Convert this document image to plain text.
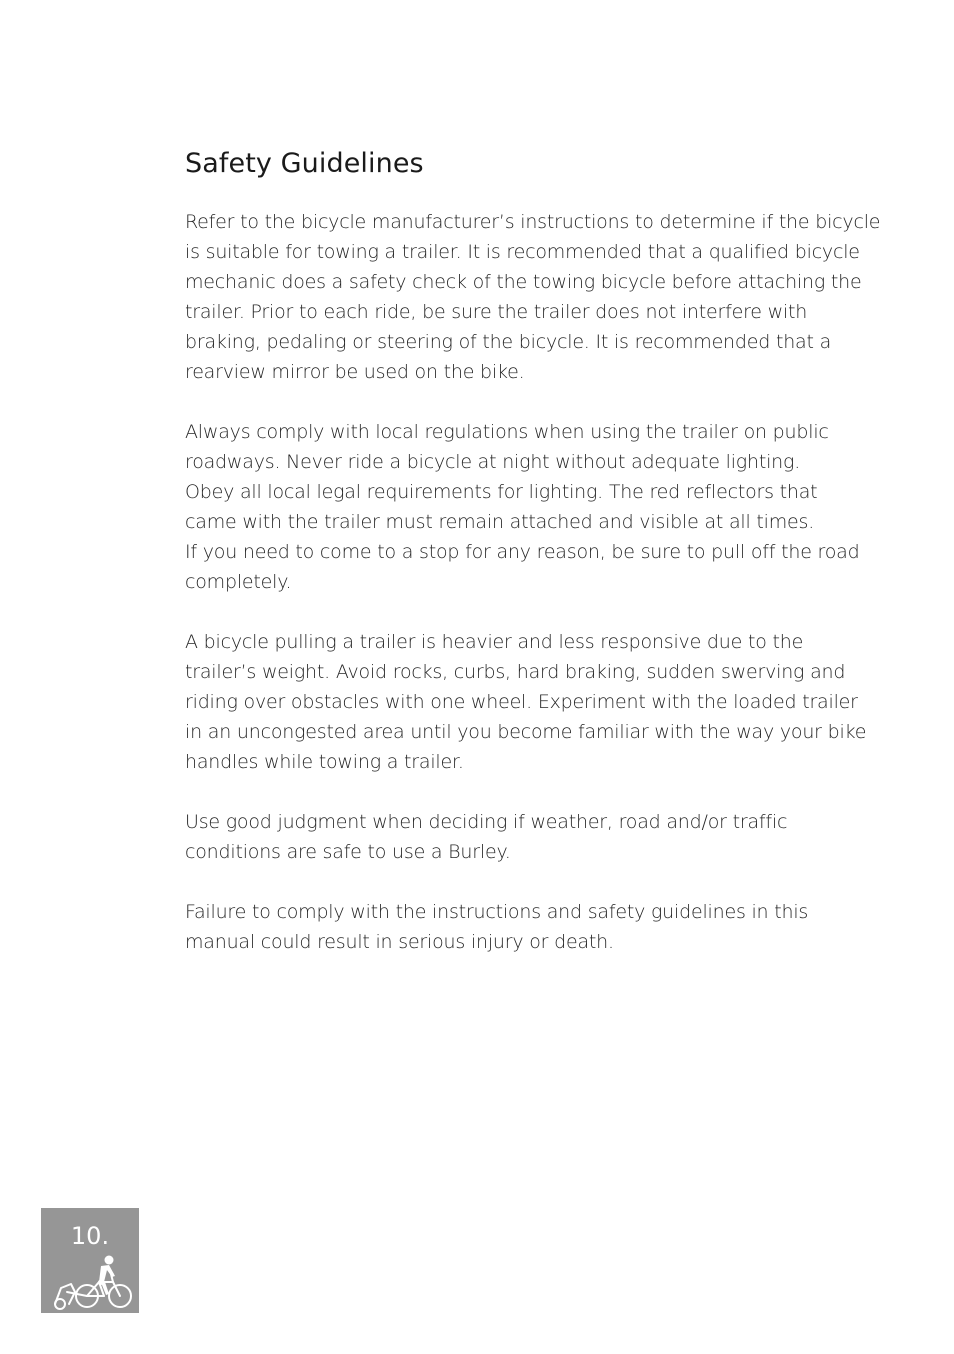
Safety Guidelines

Refer to the bicycle manufacturer’s instructions to determine if the bicycle
is suitable for towing a trailer. It is recommended that a qualified bicycle
mechanic does a safety check of the towing bicycle before attaching the
trailer. Prior to each ride, be sure the trailer does not interfere with
braking, pedaling or steering of the bicycle. It is recommended that a
rearview mirror be used on the bike.

Always comply with local regulations when using the trailer on public
roadways. Never ride a bicycle at night without adequate lighting.
Obey all local legal requirements for lighting. The red reflectors that
came with the trailer must remain attached and visible at all times.
If you need to come to a stop for any reason, be sure to pull off the road
completely.

A bicycle pulling a trailer is heavier and less responsive due to the
trailer’s weight. Avoid rocks, curbs, hard braking, sudden swerving and
riding over obstacles with one wheel. Experiment with the loaded trailer
in an uncongested area until you become familiar with the way your bike
handles while towing a trailer.

Use good judgment when deciding if weather, road and/or traffic
conditions are safe to use a Burley.

Failure to comply with the instructions and safety guidelines in this
manual could result in serious injury or death.

10.
